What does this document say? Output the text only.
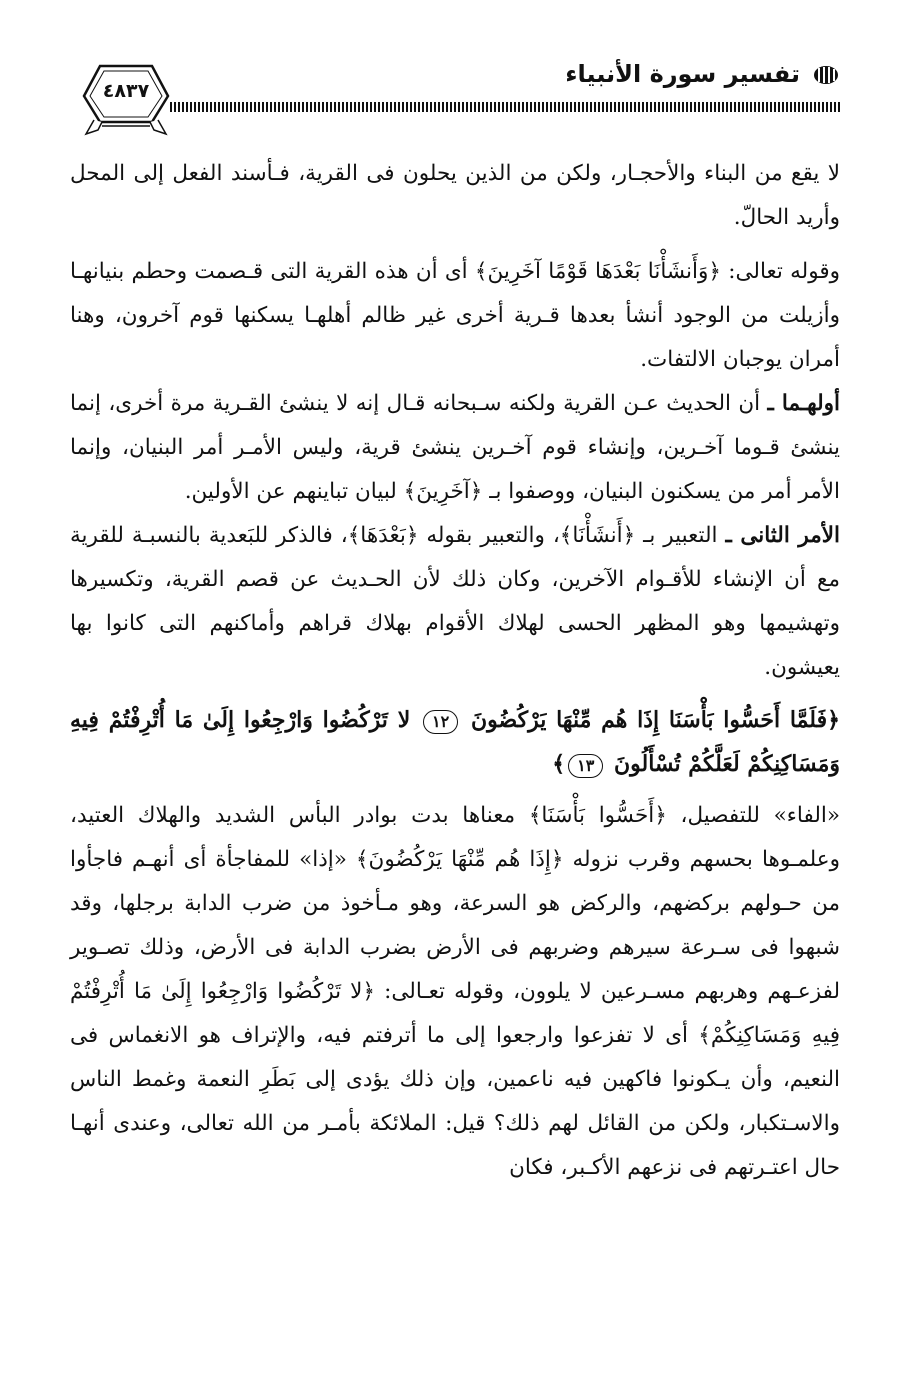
تفسير سورة الأنبياء
٤٨٣٧

لا يقع من البناء والأحجـار، ولكن من الذين يحلون فى القرية، فـأسند الفعل إلى المحل وأريد الحالّ.

وقوله تعالى: ﴿وَأَنشَأْنَا بَعْدَهَا قَوْمًا آخَرِينَ﴾ أى أن هذه القرية التى قـصمت وحطم بنيانهـا وأزيلت من الوجود أنشأ بعدها قـرية أخرى غير ظالم أهلهـا يسكنها قوم آخرون، وهنا أمران يوجبان الالتفات.

أولهـما ـ أن الحديث عـن القرية ولكنه سـبحانه قـال إنه لا ينشئ القـرية مرة أخرى، إنما ينشئ قـوما آخـرين، وإنشاء قوم آخـرين ينشئ قرية، وليس الأمـر أمر البنيان، وإنما الأمر أمر من يسكنون البنيان، ووصفوا بـ ﴿آخَرِينَ﴾ لبيان تباينهم عن الأولين.

الأمر الثانى ـ التعبير بـ ﴿أَنشَأْنَا﴾، والتعبير بقوله ﴿بَعْدَهَا﴾، فالذكر للبَعدية بالنسبـة للقرية مع أن الإنشاء للأقـوام الآخرين، وكان ذلك لأن الحـديث عن قصم القرية، وتكسيرها وتهشيمها وهو المظهر الحسى لهلاك الأقوام بهلاك قراهم وأماكنهم التى كانوا بها يعيشون.

﴿فَلَمَّا أَحَسُّوا بَأْسَنَا إِذَا هُم مِّنْهَا يَرْكُضُونَ ١٢ لا تَرْكُضُوا وَارْجِعُوا إِلَىٰ مَا أُتْرِفْتُمْ فِيهِ وَمَسَاكِنِكُمْ لَعَلَّكُمْ تُسْأَلُونَ ١٣﴾

«الفاء» للتفصيل، ﴿أَحَسُّوا بَأْسَنَا﴾ معناها بدت بوادر البأس الشديد والهلاك العتيد، وعلمـوها بحسهم وقرب نزوله ﴿إِذَا هُم مِّنْهَا يَرْكُضُونَ﴾ «إذا» للمفاجأة أى أنهـم فاجأوا من حـولهم بركضهم، والركض هو السرعة، وهو مـأخوذ من ضرب الدابة برجلها، وقد شبهوا فى سـرعة سيرهم وضربهم فى الأرض بضرب الدابة فى الأرض، وذلك تصـوير لفزعـهم وهربهم مسـرعين لا يلوون، وقوله تعـالى: ﴿لا تَرْكُضُوا وَارْجِعُوا إِلَىٰ مَا أُتْرِفْتُمْ فِيهِ وَمَسَاكِنِكُمْ﴾ أى لا تفزعوا وارجعوا إلى ما أترفتم فيه، والإتراف هو الانغماس فى النعيم، وأن يـكونوا فاكهين فيه ناعمين، وإن ذلك يؤدى إلى بَطَرِ النعمة وغمط الناس والاسـتكبار، ولكن من القائل لهم ذلك؟ قيل: الملائكة بأمـر من الله تعالى، وعندى أنهـا حال اعتـرتهم فى نزعهم الأكـبر، فكان
